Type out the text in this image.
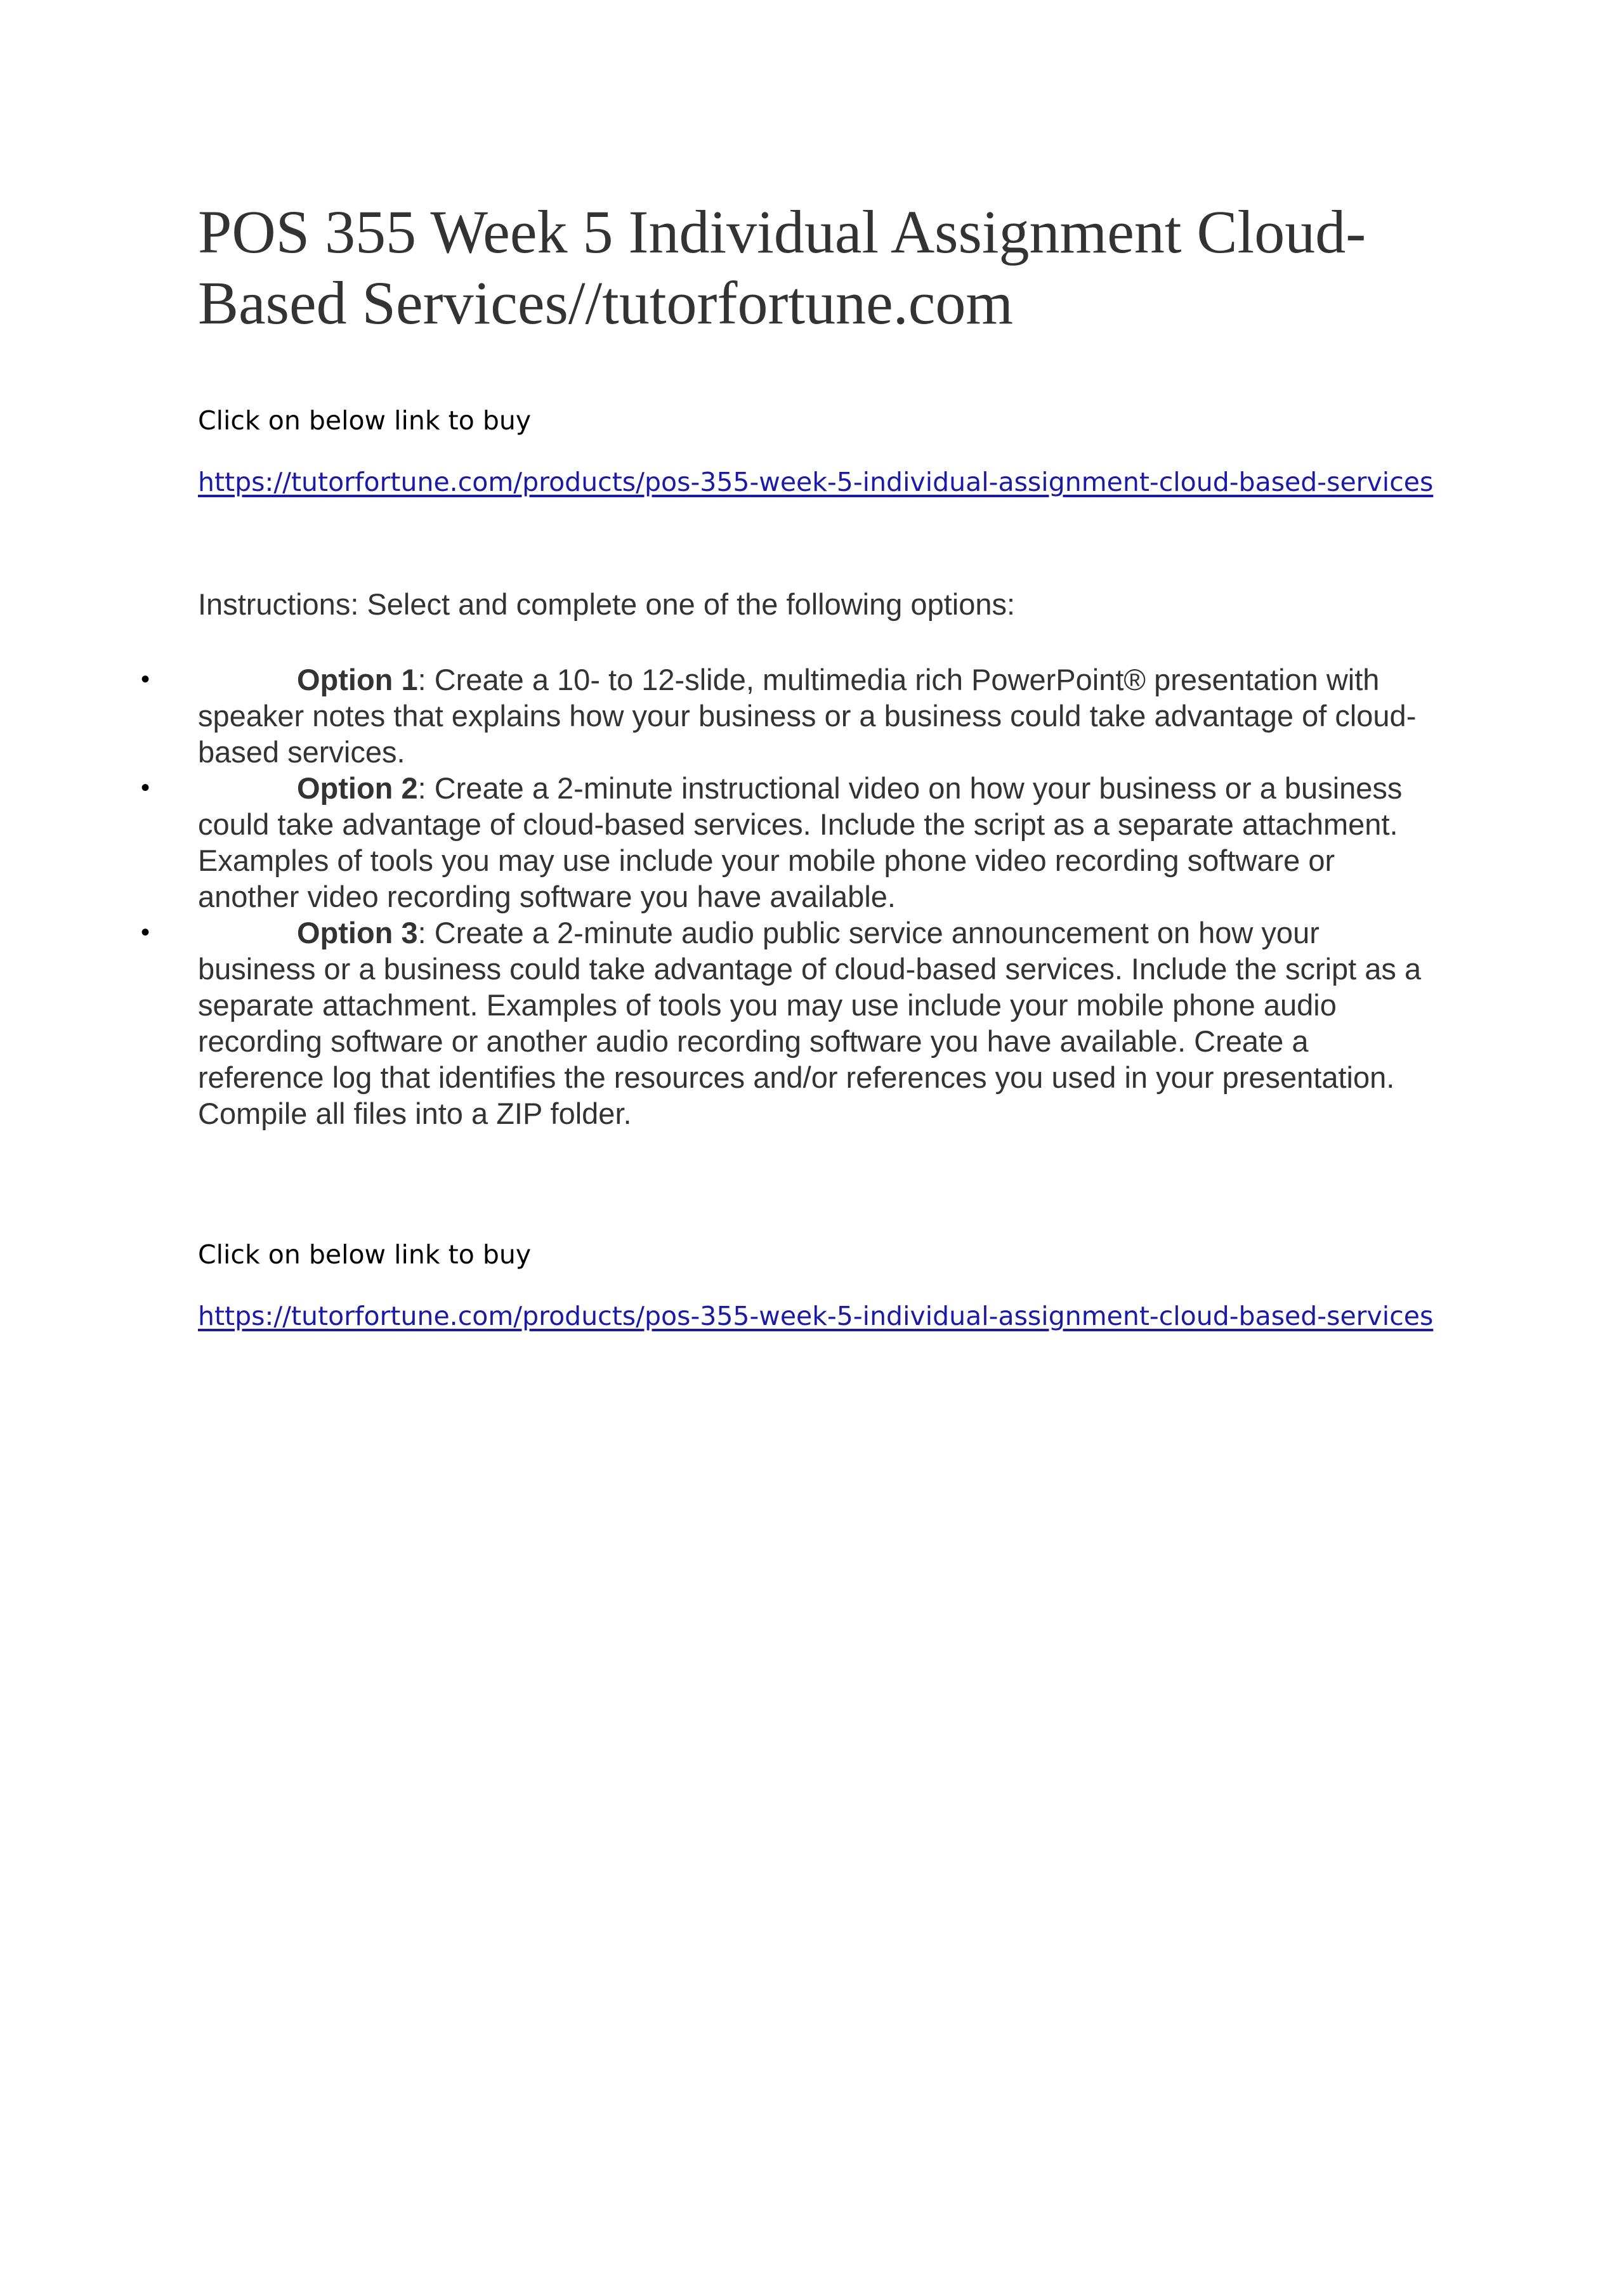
POS 355 Week 5 Individual Assignment Cloud-Based Services//tutorfortune.com

Click on below link to buy

https://tutorfortune.com/products/pos-355-week-5-individual-assignment-cloud-based-services

Instructions: Select and complete one of the following options:

•	Option 1: Create a 10- to 12-slide, multimedia rich PowerPoint® presentation with speaker notes that explains how your business or a business could take advantage of cloud-based services.
•	Option 2: Create a 2-minute instructional video on how your business or a business could take advantage of cloud-based services. Include the script as a separate attachment. Examples of tools you may use include your mobile phone video recording software or another video recording software you have available.
•	Option 3: Create a 2-minute audio public service announcement on how your business or a business could take advantage of cloud-based services. Include the script as a separate attachment. Examples of tools you may use include your mobile phone audio recording software or another audio recording software you have available. Create a reference log that identifies the resources and/or references you used in your presentation. Compile all files into a ZIP folder.

Click on below link to buy

https://tutorfortune.com/products/pos-355-week-5-individual-assignment-cloud-based-services
